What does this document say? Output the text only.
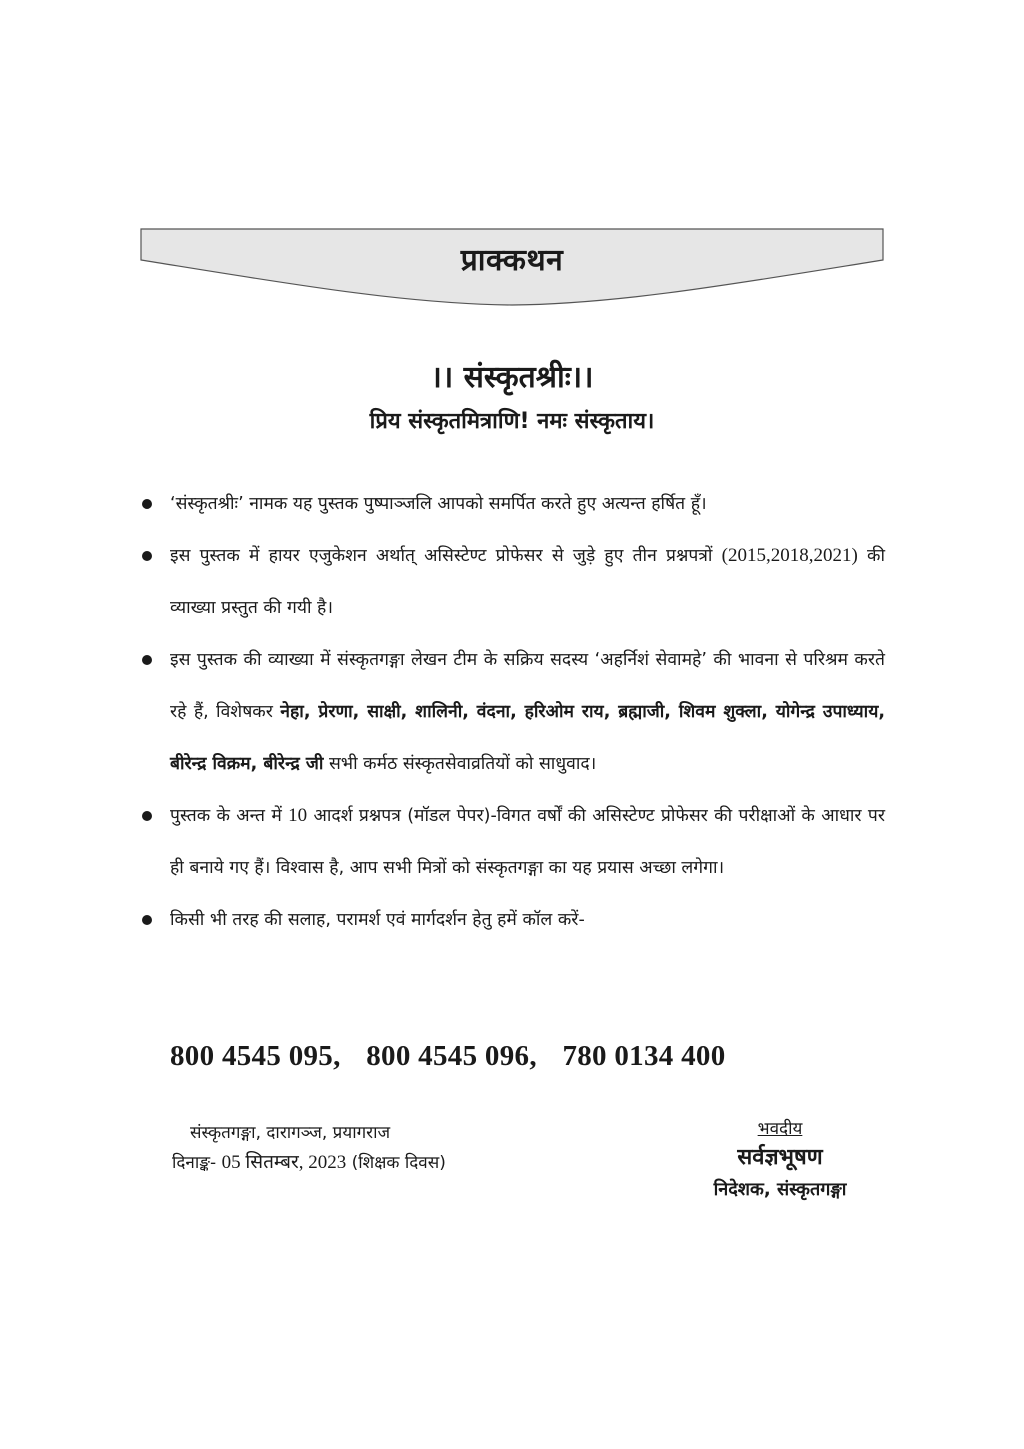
प्राक्कथन
।। संस्कृतश्रीः।।
प्रिय संस्कृतमित्राणि! नमः संस्कृताय।
‘संस्कृतश्रीः’ नामक यह पुस्तक पुष्पाञ्जलि आपको समर्पित करते हुए अत्यन्त हर्षित हूँ।
इस पुस्तक में हायर एजुकेशन अर्थात् असिस्टेण्ट प्रोफेसर से जुड़े हुए तीन प्रश्नपत्रों (2015,2018,2021) की व्याख्या प्रस्तुत की गयी है।
इस पुस्तक की व्याख्या में संस्कृतगङ्गा लेखन टीम के सक्रिय सदस्य ‘अहर्निशं सेवामहे’ की भावना से परिश्रम करते रहे हैं, विशेषकर नेहा, प्रेरणा, साक्षी, शालिनी, वंदना, हरिओम राय, ब्रह्माजी, शिवम शुक्ला, योगेन्द्र उपाध्याय, बीरेन्द्र विक्रम, बीरेन्द्र जी सभी कर्मठ संस्कृतसेवाव्रतियों को साधुवाद।
पुस्तक के अन्त में 10 आदर्श प्रश्नपत्र (मॉडल पेपर)-विगत वर्षों की असिस्टेण्ट प्रोफेसर की परीक्षाओं के आधार पर ही बनाये गए हैं। विश्वास है, आप सभी मित्रों को संस्कृतगङ्गा का यह प्रयास अच्छा लगेगा।
किसी भी तरह की सलाह, परामर्श एवं मार्गदर्शन हेतु हमें कॉल करें-
800 4545 095, 800 4545 096, 780 0134 400
संस्कृतगङ्गा, दारागञ्ज, प्रयागराज
दिनाङ्क- 05 सितम्बर, 2023 (शिक्षक दिवस)
भवदीय
सर्वज्ञभूषण
निदेशक, संस्कृतगङ्गा
